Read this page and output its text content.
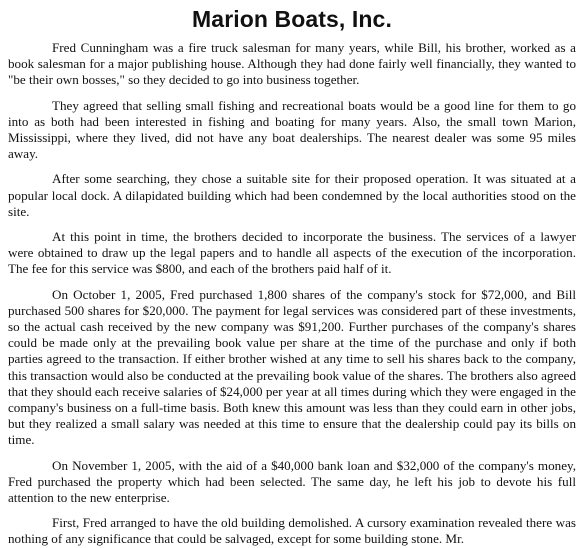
Marion Boats, Inc.

Fred Cunningham was a fire truck salesman for many years, while Bill, his brother, worked as a book salesman for a major publishing house. Although they had done fairly well financially, they wanted to "be their own bosses," so they decided to go into business together.

They agreed that selling small fishing and recreational boats would be a good line for them to go into as both had been interested in fishing and boating for many years. Also, the small town Marion, Mississippi, where they lived, did not have any boat dealerships. The nearest dealer was some 95 miles away.

After some searching, they chose a suitable site for their proposed operation. It was situated at a popular local dock. A dilapidated building which had been condemned by the local authorities stood on the site.

At this point in time, the brothers decided to incorporate the business. The services of a lawyer were obtained to draw up the legal papers and to handle all aspects of the execution of the incorporation. The fee for this service was $800, and each of the brothers paid half of it.

On October 1, 2005, Fred purchased 1,800 shares of the company's stock for $72,000, and Bill purchased 500 shares for $20,000. The payment for legal services was considered part of these investments, so the actual cash received by the new company was $91,200. Further purchases of the company's shares could be made only at the prevailing book value per share at the time of the purchase and only if both parties agreed to the transaction. If either brother wished at any time to sell his shares back to the company, this transaction would also be conducted at the prevailing book value of the shares. The brothers also agreed that they should each receive salaries of $24,000 per year at all times during which they were engaged in the company's business on a full-time basis. Both knew this amount was less than they could earn in other jobs, but they realized a small salary was needed at this time to ensure that the dealership could pay its bills on time.

On November 1, 2005, with the aid of a $40,000 bank loan and $32,000 of the company's money, Fred purchased the property which had been selected. The same day, he left his job to devote his full attention to the new enterprise.

First, Fred arranged to have the old building demolished. A cursory examination revealed there was nothing of any significance that could be salvaged, except for some building stone. Mr.
